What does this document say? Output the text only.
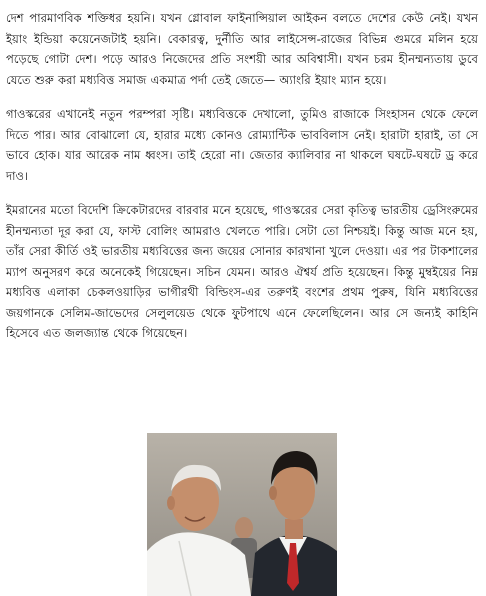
দেশ পারমাণবিক শক্তিধর হয়নি। যখন গ্লোবাল ফাইনান্সিয়াল আইকন বলতে দেশের কেউ নেই। যখন ইয়াং ইন্ডিয়া কয়েনেজটাই হয়নি। বেকারত্ব, দুর্নীতি আর লাইসেন্স-রাজের বিভিন্ন গুমরে মলিন হয়ে পড়েছে গোটা দেশ। পড়ে আরও নিজেদের প্রতি সংশয়ী আর অবিশ্বাসী। যখন চরম হীনম্মন্যতায় ডুবে যেতে শুরু করা মধ্যবিত্ত সমাজ একমাত্র পর্দা তেই জেতে— অ্যাংরি ইয়াং ম্যান হয়ে।

গাওস্করের এখানেই নতুন পরম্পরা সৃষ্টি। মধ্যবিত্তকে দেখালো, তুমিও রাজাকে সিংহাসন থেকে ফেলে দিতে পার। আর বোঝালো যে, হারার মধ্যে কোনও রোম্যান্টিক ভাববিলাস নেই। হারাটা হারাই, তা সে ভাবে হোক। যার আরেক নাম ধ্বংস। তাই হেরো না। জেতার ক্যালিবার না থাকলে ঘষটে-ঘষটে ড্র করে দাও।

ইমরানের মতো বিদেশি ক্রিকেটারদের বারবার মনে হয়েছে, গাওস্করের সেরা কৃতিত্ব ভারতীয় ড্রেসিংরুমের হীনম্মন্যতা দূর করা যে, ফাস্ট বোলিং আমরাও খেলতে পারি। সেটা তো নিশ্চয়ই। কিন্তু আজ মনে হয়, তাঁর সেরা কীর্তি ওই ভারতীয় মধ্যবিত্তের জন্য জয়ের সোনার কারখানা খুলে দেওয়া। এর পর টাকশালের ম্যাপ অনুসরণ করে অনেকেই গিয়েছেন। সচিন যেমন। আরও ঐশ্বর্য প্রতি হয়েছেন। কিন্তু মুম্বইয়ের নিম্ন মধ্যবিত্ত এলাকা চেকলওয়াড়ির ভাগীরথী বিল্ডিংস-এর তরুণই বংশের প্রথম পুরুষ, যিনি মধ্যবিত্তের জয়গানকে সেলিম-জাভেদের সেলুলয়েড থেকে ফুটপাথে এনে ফেলেছিলেন। আর সে জন্যই কাহিনি হিসেবে এত জলজ্যান্ত থেকে গিয়েছেন।
